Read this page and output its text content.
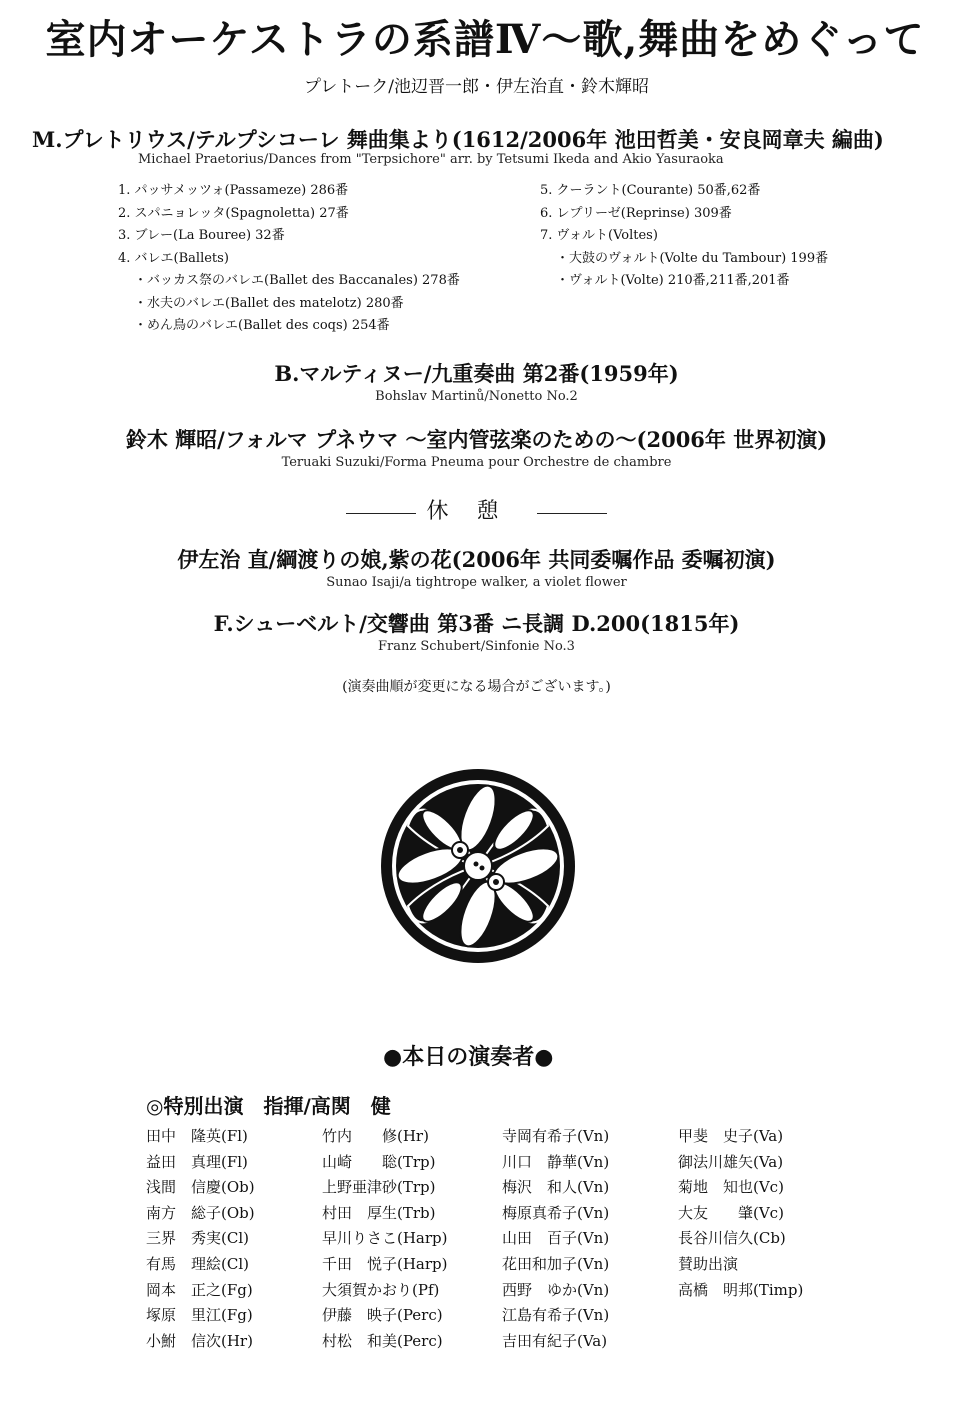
室内オーケストラの系譜Ⅳ～歌,舞曲をめぐって
プレトーク/池辺晋一郎・伊左治直・鈴木輝昭
M.プレトリウス/テルプシコーレ 舞曲集より(1612/2006年 池田哲美・安良岡章夫 編曲)
Michael Praetorius/Dances from "Terpsichore" arr. by Tetsumi Ikeda and Akio Yasuraoka
1. パッサメッツォ(Passameze) 286番
2. スパニョレッタ(Spagnoletta) 27番
3. ブレー(La Bouree) 32番
4. バレエ(Ballets)
・バッカス祭のバレエ(Ballet des Baccanales) 278番
・水夫のバレエ(Ballet des matelotz) 280番
・めん鳥のバレエ(Ballet des coqs) 254番
5. クーラント(Courante) 50番,62番
6. レプリーゼ(Reprinse) 309番
7. ヴォルト(Voltes)
・大鼓のヴォルト(Volte du Tambour) 199番
・ヴォルト(Volte) 210番,211番,201番
B.マルティヌー/九重奏曲 第2番(1959年)
Bohslav Martinů/Nonetto No.2
鈴木 輝昭/フォルマ プネウマ ～室内管弦楽のための～(2006年 世界初演)
Teruaki Suzuki/Forma Pneuma pour Orchestre de chambre
休憩
伊左治 直/綱渡りの娘,紫の花(2006年 共同委嘱作品 委嘱初演)
Sunao Isaji/a tightrope walker, a violet flower
F.シューベルト/交響曲 第3番 ニ長調 D.200(1815年)
Franz Schubert/Sinfonie No.3
(演奏曲順が変更になる場合がございます。)
●本日の演奏者●
◎特別出演　指揮/高関　健
田中　隆英(Fl)
益田　真理(Fl)
浅間　信慶(Ob)
南方　総子(Ob)
三界　秀実(Cl)
有馬　理絵(Cl)
岡本　正之(Fg)
塚原　里江(Fg)
小鮒　信次(Hr)
竹内　　修(Hr)
山崎　　聡(Trp)
上野亜津砂(Trp)
村田　厚生(Trb)
早川りさこ(Harp)
千田　悦子(Harp)
大須賀かおり(Pf)
伊藤　映子(Perc)
村松　和美(Perc)
寺岡有希子(Vn)
川口　静華(Vn)
梅沢　和人(Vn)
梅原真希子(Vn)
山田　百子(Vn)
花田和加子(Vn)
西野　ゆか(Vn)
江島有希子(Vn)
吉田有紀子(Va)
甲斐　史子(Va)
御法川雄矢(Va)
菊地　知也(Vc)
大友　　肇(Vc)
長谷川信久(Cb)
賛助出演
高橋　明邦(Timp)
